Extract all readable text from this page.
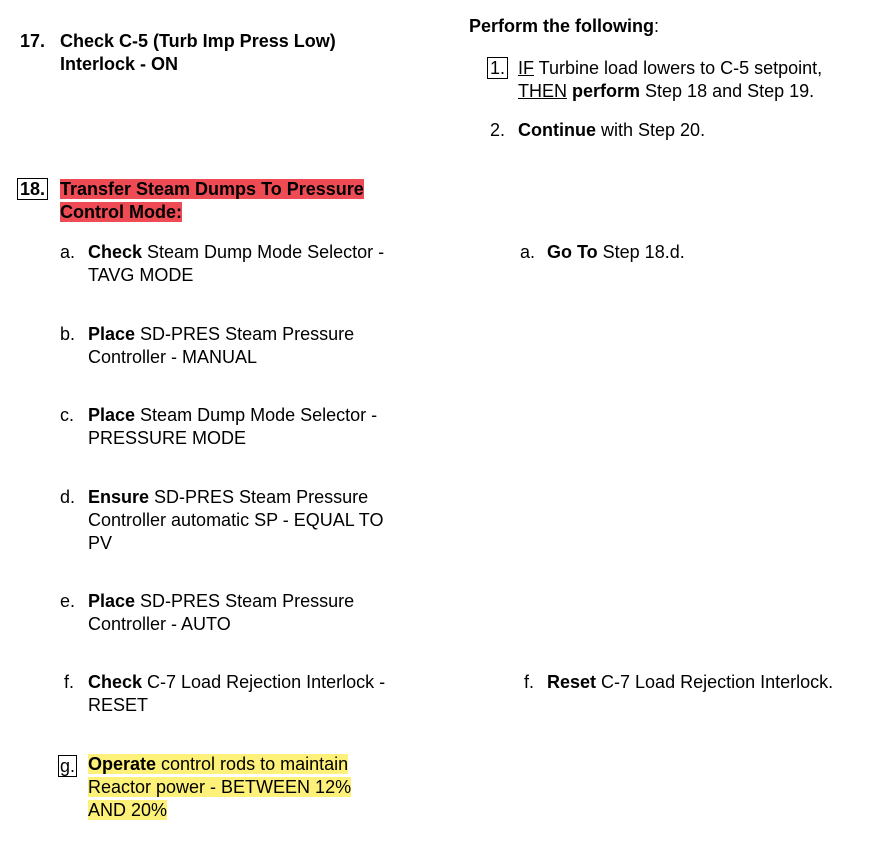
17. Check C-5 (Turb Imp Press Low)
Interlock - ON
Perform the following:
1. IF Turbine load lowers to C-5 setpoint,
THEN perform Step 18 and Step 19.
2. Continue with Step 20.
18. Transfer Steam Dumps To Pressure
Control Mode:
a. Check Steam Dump Mode Selector -
TAVG MODE
a. Go To Step 18.d.
b. Place SD-PRES Steam Pressure
Controller - MANUAL
c. Place Steam Dump Mode Selector -
PRESSURE MODE
d. Ensure SD-PRES Steam Pressure
Controller automatic SP - EQUAL TO
PV
e. Place SD-PRES Steam Pressure
Controller - AUTO
f. Check C-7 Load Rejection Interlock -
RESET
f. Reset C-7 Load Rejection Interlock.
g. Operate control rods to maintain
Reactor power - BETWEEN 12%
AND 20%
